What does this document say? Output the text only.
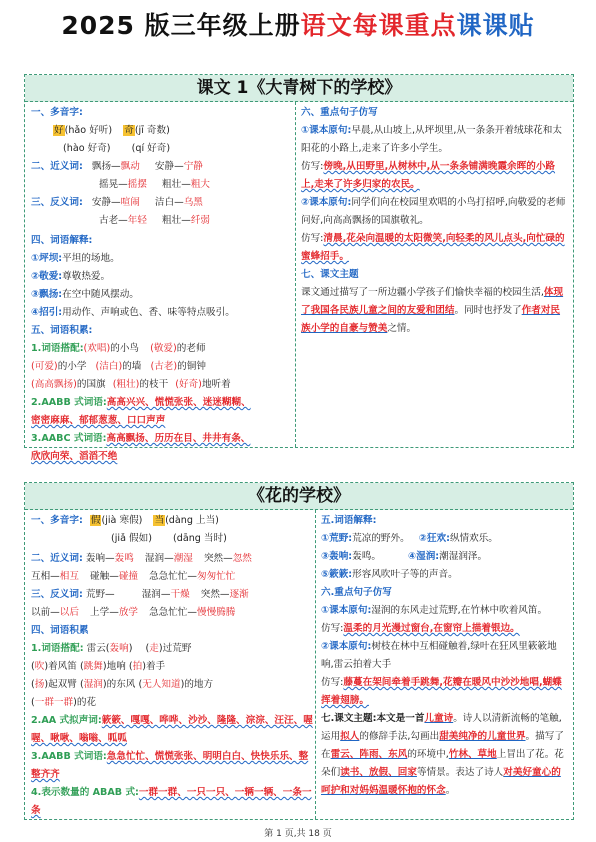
2025 版三年级上册语文每课重点课课贴
课文 1《大青树下的学校》
一、多音字:
好(hǎo 好听) 奇(jī 奇数)
(hào 好奇) (qí 好奇)
二、近义词: 飘扬—飘动 安静—宁静
摇晃—摇摆 粗壮—粗大
三、反义词: 安静—喧闹 洁白—乌黑
古老—年轻 粗壮—纤弱
四、词语解释:
①坪坝:平坦的场地。
②敬爱:尊敬热爱。
③飘扬:在空中随风摆动。
④招引:用动作、声响或色、香、味等特点吸引。
五、词语积累:
1.词语搭配:(欢唱)的小鸟 (敬爱)的老师
(可爱)的小学 (洁白)的墙 (古老)的铜钟
(高高飘扬)的国旗 (粗壮)的枝干 (好奇)地听着
2.AABB 式词语:高高兴兴、慌慌张张、迷迷糊糊、
密密麻麻、郁郁葱葱、口口声声
3.AABC 式词语:高高飘扬、历历在目、井井有条、
欣欣向荣、滔滔不绝
六、重点句子仿写
①课本原句:早晨,从山坡上,从坪坝里,从一条条开着绒球花和太阳花的小路上,走来了许多小学生。
仿写:傍晚,从田野里,从树林中,从一条条铺满晚霞余晖的小路上,走来了许多归家的农民。
②课本原句:同学们向在校园里欢唱的小鸟打招呼,向敬爱的老师问好,向高高飘扬的国旗敬礼。
仿写:清晨,花朵向温暖的太阳微笑,向轻柔的风儿点头,向忙碌的蜜蜂招手。
七、课文主题
课文通过描写了一所边疆小学孩子们愉快幸福的校园生活,体现了我国各民族儿童之间的友爱和团结。同时也抒发了作者对民族小学的自豪与赞美之情。
《花的学校》
一、多音字: 假(jià 寒假) 当(dàng 上当)
(jiǎ 假如) (dāng 当时)
二、近义词: 轰响—轰鸣 湿润—潮湿 突然—忽然
互相—相互 碰触—碰撞 急急忙忙—匆匆忙忙
三、反义词: 荒野—	湿润—干燥 突然—逐渐
以前—以后 上学—放学 急急忙忙—慢慢腾腾
四、词语积累
1.词语搭配: 雷云(轰响) (走)过荒野
(吹)着风笛 (跳舞)地响 (拍)着手
(扬)起双臂 (湿润)的东风 (无人知道)的地方
(一群一群)的花
2.AA 式拟声词:簌簌、嘎嘎、哗哗、沙沙、隆隆、淙淙、汪汪、喔喔、啾啾、嗡嗡、呱呱
3.AABB 式词语:急急忙忙、慌慌张张、明明白白、快快乐乐、整整齐齐
4.表示数量的 ABAB 式:一群一群、一只一只、一辆一辆、一条一条
五.词语解释:
①荒野:荒凉的野外。 ②狂欢:纵情欢乐。
③轰响:轰鸣。	④湿润:潮湿润泽。
⑤簌簌:形容风吹叶子等的声音。
六.重点句子仿写
①课本原句:湿润的东风走过荒野,在竹林中吹着风笛。
仿写:温柔的月光漫过窗台,在窗帘上描着银边。
②课本原句:树枝在林中互相碰触着,绿叶在狂风里簌簌地响,雷云拍着大手
仿写:藤蔓在架间牵着手跳舞,花瓣在暖风中沙沙地唱,蝴蝶挥着翅膀。
七.课文主题:本文是一首儿童诗。诗人以清新流畅的笔触,运用拟人的修辞手法,勾画出甜美纯净的儿童世界。描写了在雷云、阵雨、东风的环境中,竹林、草地上冒出了花。花朵们读书、放假、回家等情景。表达了诗人对美好童心的呵护和对妈妈温暖怀抱的怀念。
第 1 页,共 18 页
